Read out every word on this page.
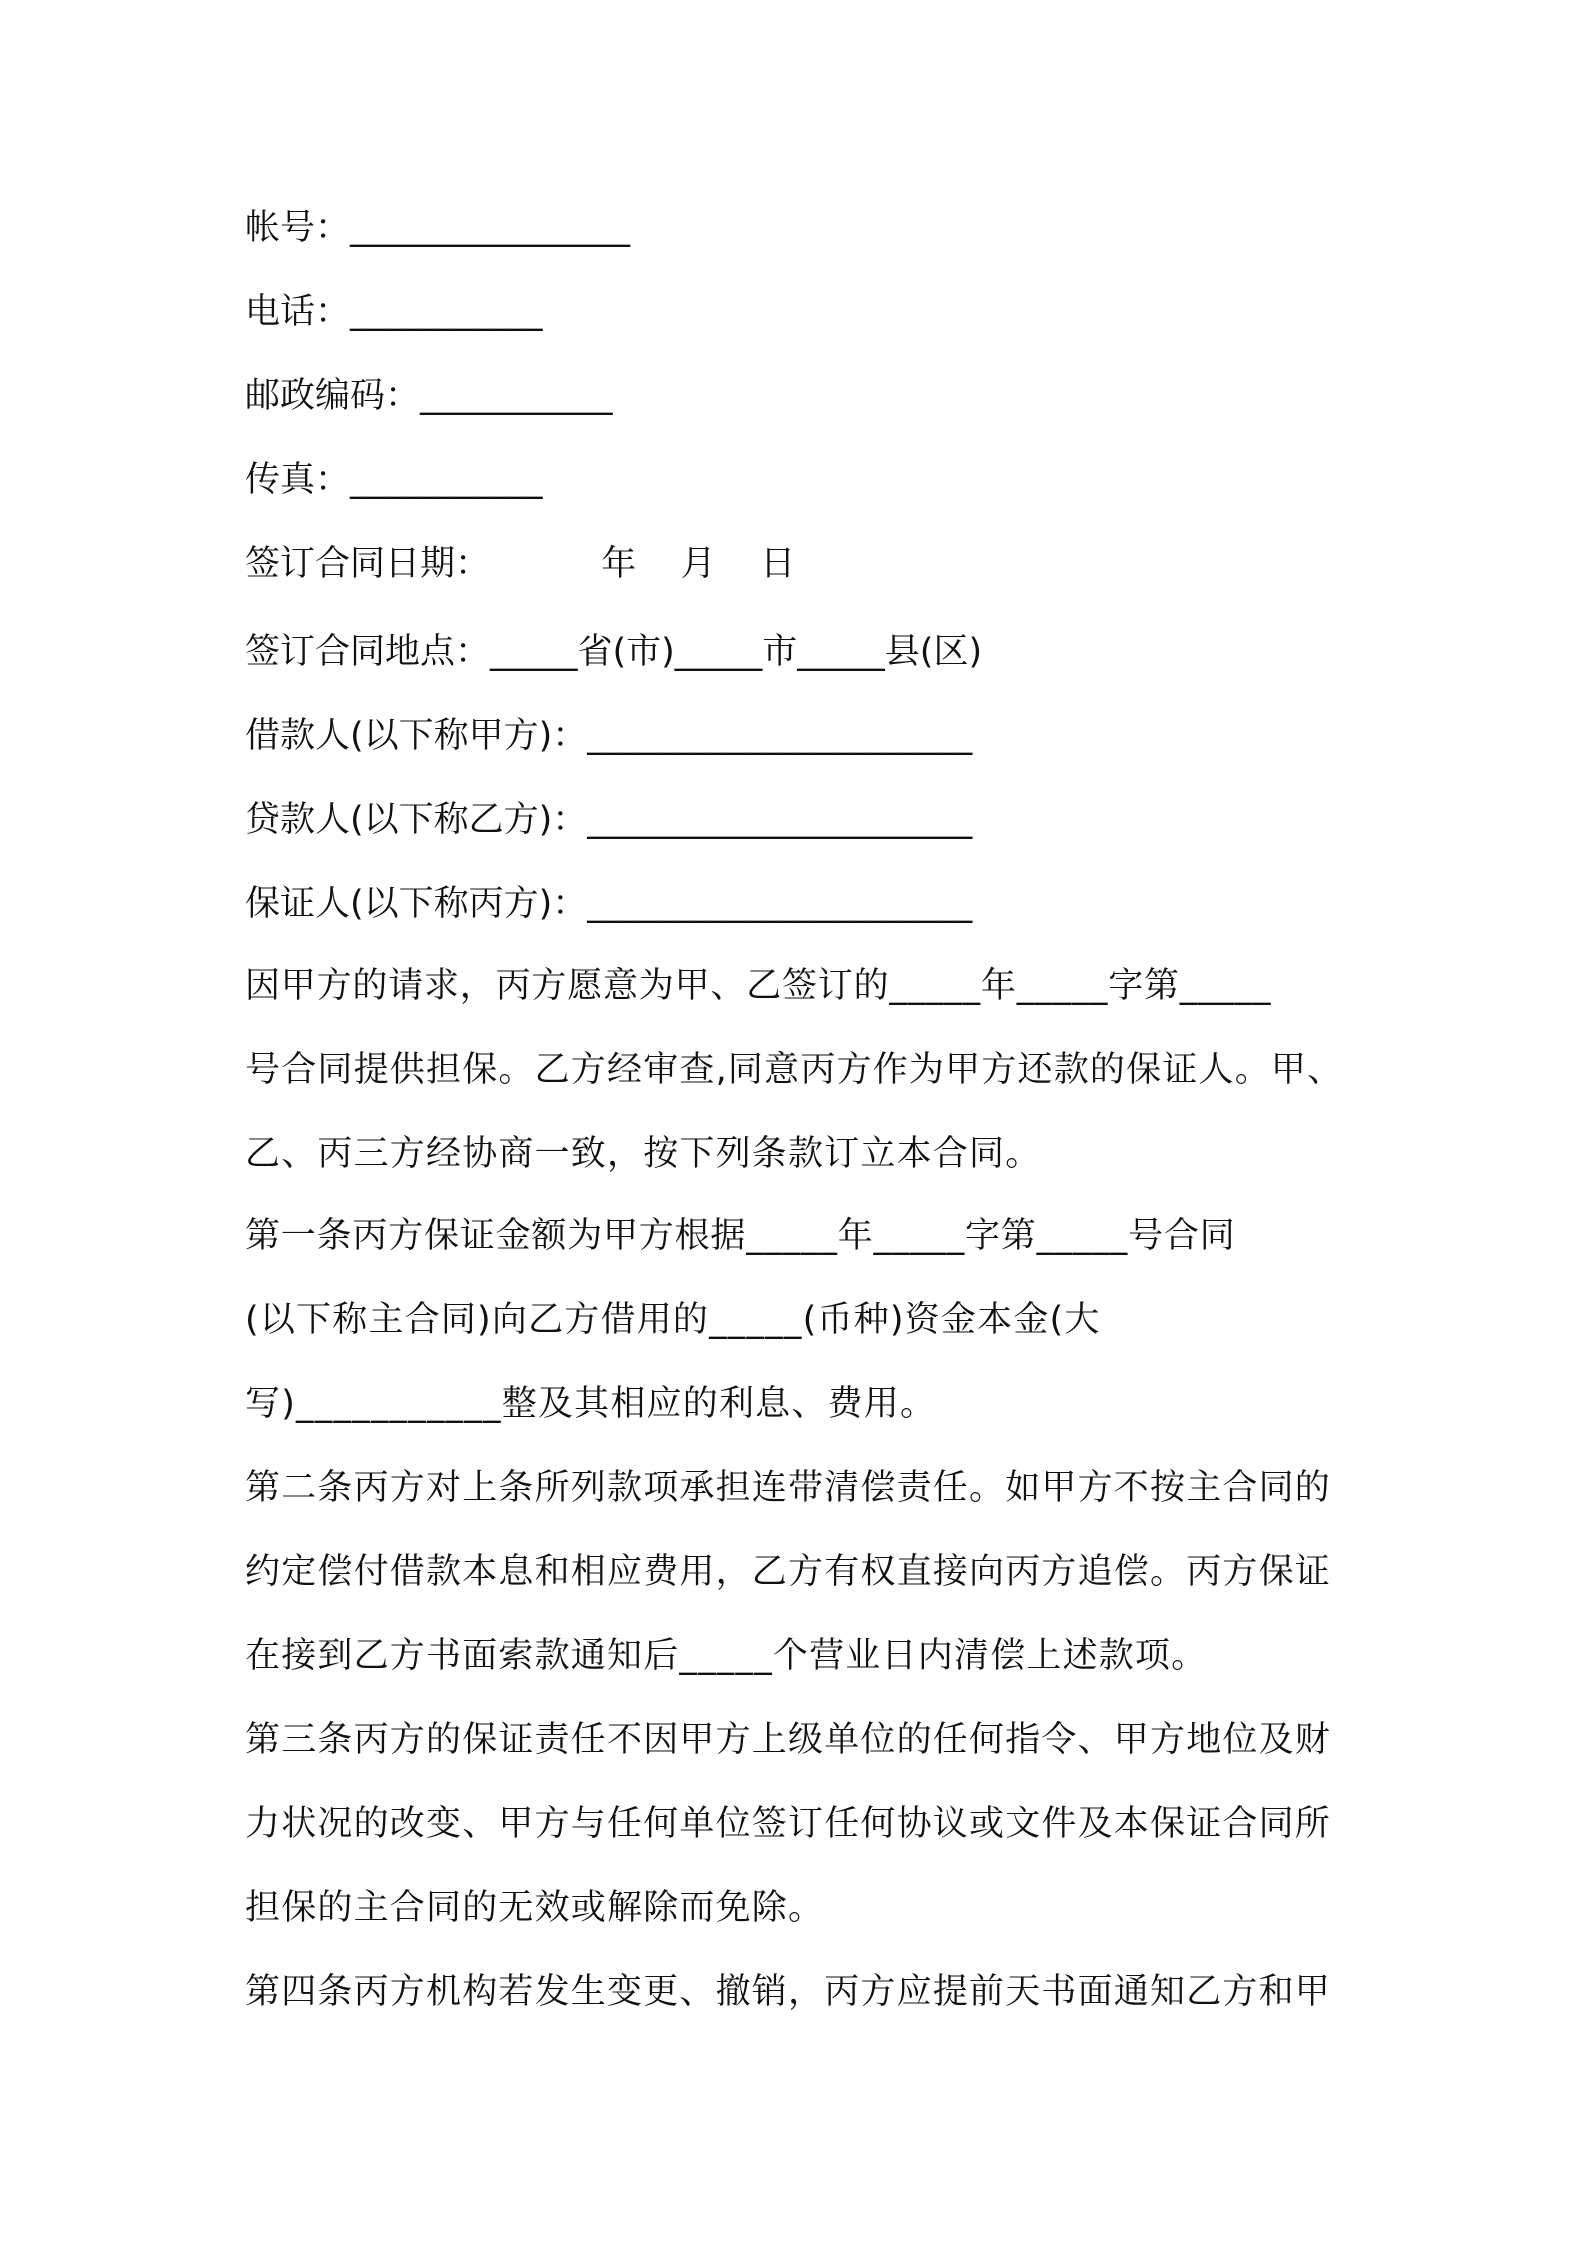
帐号：________________
电话：___________
邮政编码：___________
传真：___________
签订合同日期：          年    月    日
签订合同地点：_____省(市)_____市_____县(区)
借款人(以下称甲方)：______________________
贷款人(以下称乙方)：______________________
保证人(以下称丙方)：______________________
因甲方的请求，丙方愿意为甲、乙签订的_____年_____字第_____
号合同提供担保。乙方经审查,同意丙方作为甲方还款的保证人。甲、
乙、丙三方经协商一致，按下列条款订立本合同。
第一条丙方保证金额为甲方根据_____年_____字第_____号合同
(以下称主合同)向乙方借用的_____(币种)资金本金(大
写)___________整及其相应的利息、费用。
第二条丙方对上条所列款项承担连带清偿责任。如甲方不按主合同的
约定偿付借款本息和相应费用，乙方有权直接向丙方追偿。丙方保证
在接到乙方书面索款通知后_____个营业日内清偿上述款项。
第三条丙方的保证责任不因甲方上级单位的任何指令、甲方地位及财
力状况的改变、甲方与任何单位签订任何协议或文件及本保证合同所
担保的主合同的无效或解除而免除。
第四条丙方机构若发生变更、撤销，丙方应提前天书面通知乙方和甲
